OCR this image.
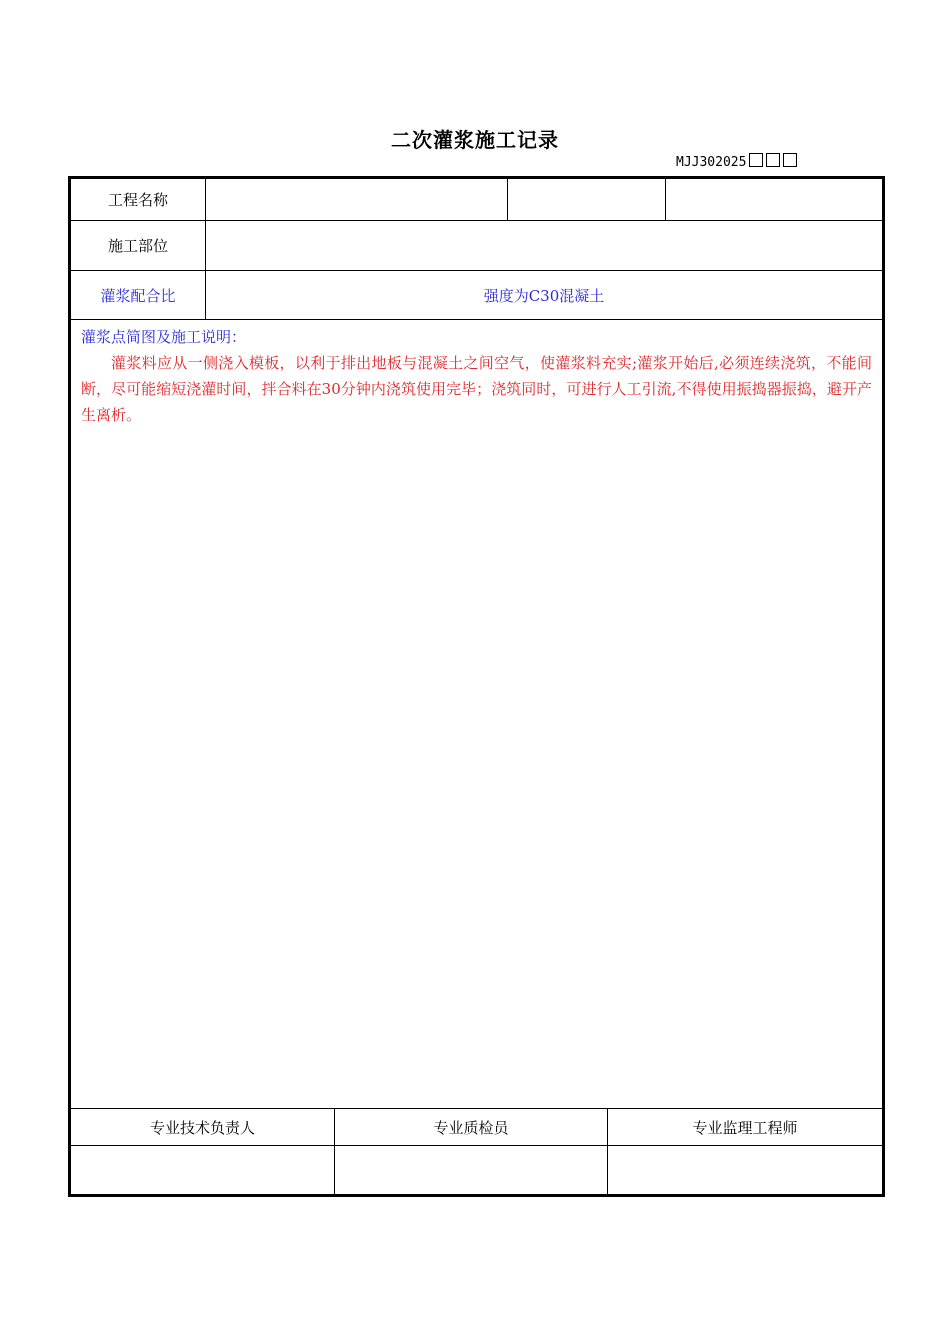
二次灌浆施工记录
MJJ302025
工程名称					
施工部位					
灌浆配合比	强度为C30混凝土				

灌浆点简图及施工说明：
灌浆料应从一侧浇入模板，以利于排出地板与混凝土之间空气，使灌浆料充实;灌浆开始后,必须连续浇筑，不能间断，尽可能缩短浇灌时间，拌合料在30分钟内浇筑使用完毕；浇筑同时，可进行人工引流,不得使用振捣器振捣，避开产生离析。					

专业技术负责人		专业质检员		专业监理工程师	
